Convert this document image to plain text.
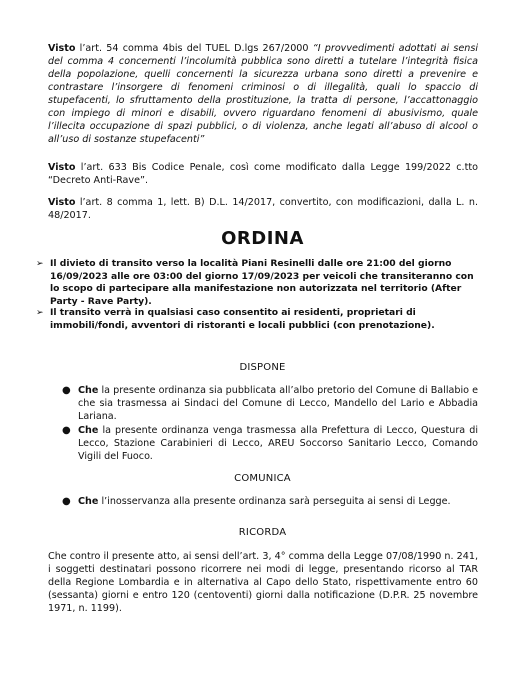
Visto l’art. 54 comma 4bis del TUEL D.lgs 267/2000 “I provvedimenti adottati ai sensi del comma 4 concernenti l’incolumità pubblica sono diretti a tutelare l’integrità fisica della popolazione, quelli concernenti la sicurezza urbana sono diretti a prevenire e contrastare l’insorgere di fenomeni criminosi o di illegalità, quali lo spaccio di stupefacenti, lo sfruttamento della prostituzione, la tratta di persone, l’accattonaggio con impiego di minori e disabili, ovvero riguardano fenomeni di abusivismo, quale l’illecita occupazione di spazi pubblici, o di violenza, anche legati all’abuso di alcool o all’uso di sostanze stupefacenti”

Visto l’art. 633 Bis Codice Penale, così come modificato dalla Legge 199/2022 c.tto “Decreto Anti-Rave”.

Visto l’art. 8 comma 1, lett. B) D.L. 14/2017, convertito, con modificazioni, dalla L. n. 48/2017.

ORDINA
➢ Il divieto di transito verso la località Piani Resinelli dalle ore 21:00 del giorno 16/09/2023 alle ore 03:00 del giorno 17/09/2023 per veicoli che transiteranno con lo scopo di partecipare alla manifestazione non autorizzata nel territorio (After Party - Rave Party).

➢ Il transito verrà in qualsiasi caso consentito ai residenti, proprietari di immobili/fondi, avventori di ristoranti e locali pubblici (con prenotazione).

DISPONE
● Che la presente ordinanza sia pubblicata all’albo pretorio del Comune di Ballabio e che sia trasmessa ai Sindaci del Comune di Lecco, Mandello del Lario e Abbadia Lariana.

● Che la presente ordinanza venga trasmessa alla Prefettura di Lecco, Questura di Lecco, Stazione Carabinieri di Lecco, AREU Soccorso Sanitario Lecco, Comando Vigili del Fuoco.

COMUNICA
● Che l’inosservanza alla presente ordinanza sarà perseguita ai sensi di Legge.

RICORDA

Che contro il presente atto, ai sensi dell’art. 3, 4° comma della Legge 07/08/1990 n. 241, i soggetti destinatari possono ricorrere nei modi di legge, presentando ricorso al TAR della Regione Lombardia e in alternativa al Capo dello Stato, rispettivamente entro 60 (sessanta) giorni e entro 120 (centoventi) giorni dalla notificazione (D.P.R. 25 novembre 1971, n. 1199).
